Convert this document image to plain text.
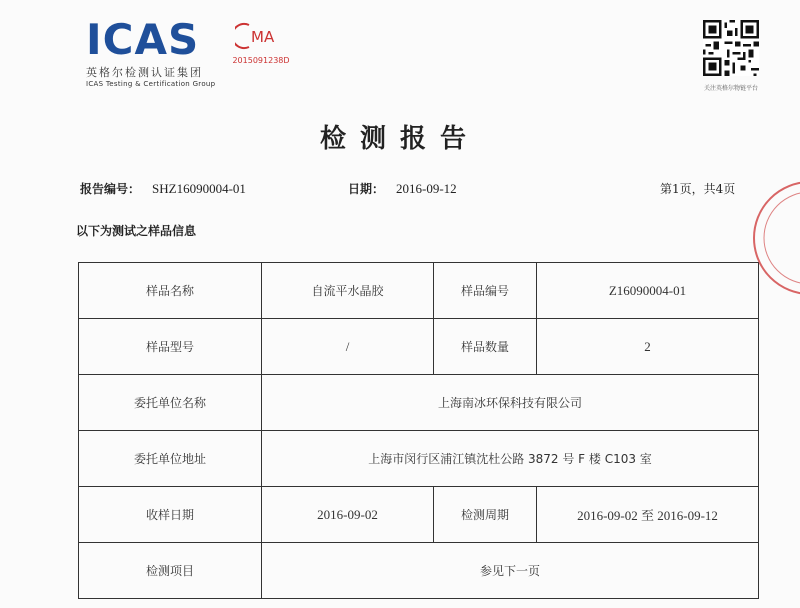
ICAS
英格尔检测认证集团
ICAS Testing & Certification Group
MA
2015091238D
关注英格尔物链平台
检测报告
报告编号： SHZ16090004-01	日期： 2016-09-12	第1页，共4页
以下为测试之样品信息
样品名称	自流平水晶胶	样品编号	Z16090004-01
样品型号	/	样品数量	2
委托单位名称	上海南冰环保科技有限公司		
委托单位地址	上海市闵行区浦江镇沈杜公路 3872 号 F 楼 C103 室		
收样日期	2016-09-02	检测周期	2016-09-02 至 2016-09-12
检测项目	参见下一页		
